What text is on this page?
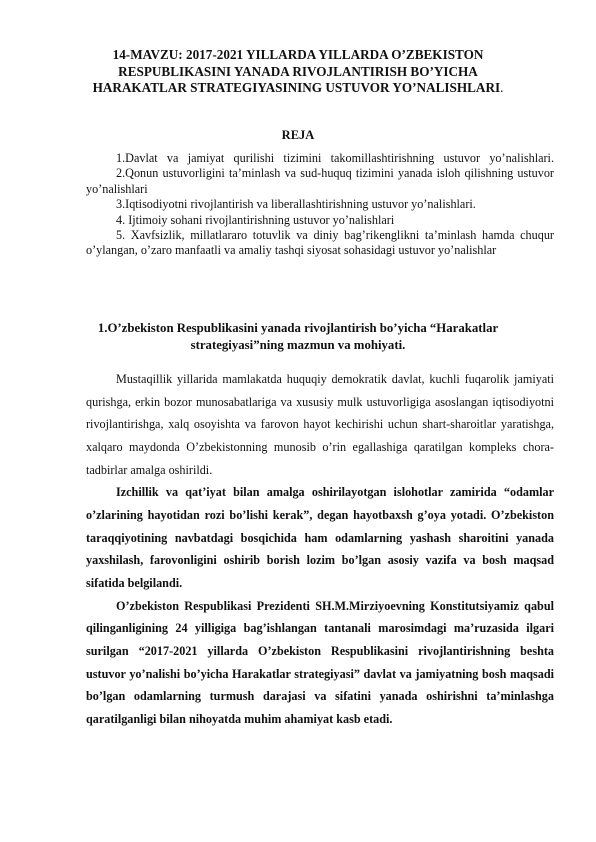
14-MAVZU: 2017-2021 YILLARDA YILLARDA O’ZBEKISTON RESPUBLIKASINI YANADA RIVOJLANTIRISH BO’YICHA HARAKATLAR STRATEGIYASINING USTUVOR YO’NALISHLARI.
REJA

1.Davlat va jamiyat qurilishi tizimini takomillashtirishning ustuvor yo’nalishlari.

2.Qonun ustuvorligini ta’minlash va sud-huquq tizimini yanada isloh qilishning ustuvor yo’nalishlari

3.Iqtisodiyotni rivojlantirish va liberallashtirishning ustuvor yo’nalishlari.

4. Ijtimoiy sohani rivojlantirishning ustuvor yo’nalishlari

5. Xavfsizlik, millatlararo totuvlik va diniy bag’rikenglikni ta’minlash hamda chuqur o’ylangan, o’zaro manfaatli va amaliy tashqi siyosat sohasidagi ustuvor yo’nalishlar

1.O’zbekiston Respublikasini yanada rivojlantirish bo’yicha “Harakatlar strategiyasi”ning mazmun va mohiyati.

Mustaqillik yillarida mamlakatda huquqiy demokratik davlat, kuchli fuqarolik jamiyati qurishga, erkin bozor munosabatlariga va xususiy mulk ustuvorligiga asoslangan iqtisodiyotni rivojlantirishga, xalq osoyishta va farovon hayot kechirishi uchun shart-sharoitlar yaratishga, xalqaro maydonda O’zbekistonning munosib o’rin egallashiga qaratilgan kompleks chora-tadbirlar amalga oshirildi.

Izchillik va qat’iyat bilan amalga oshirilayotgan islohotlar zamirida “odamlar o’zlarining hayotidan rozi bo’lishi kerak”, degan hayotbaxsh g’oya yotadi. O’zbekiston taraqqiyotining navbatdagi bosqichida ham odamlarning yashash sharoitini yanada yaxshilash, farovonligini oshirib borish lozim bo’lgan asosiy vazifa va bosh maqsad sifatida belgilandi.

O’zbekiston Respublikasi Prezidenti SH.M.Mirziyoevning Konstitutsiyamiz qabul qilinganligining 24 yilligiga bag’ishlangan tantanali marosimdagi ma’ruzasida ilgari surilgan “2017-2021 yillarda O’zbekiston Respublikasini rivojlantirishning beshta ustuvor yo’nalishi bo’yicha Harakatlar strategiyasi” davlat va jamiyatning bosh maqsadi bo’lgan odamlarning turmush darajasi va sifatini yanada oshirishni ta’minlashga qaratilganligi bilan nihoyatda muhim ahamiyat kasb etadi.
